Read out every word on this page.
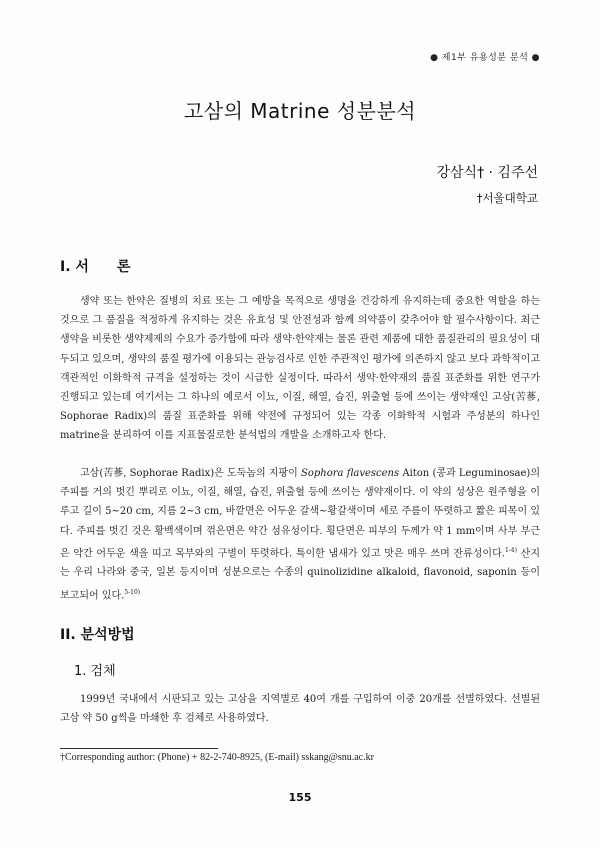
● 제1부 유용성분 분석 ●
고삼의 Matrine 성분분석
강삼식† · 김주선
†서울대학교
I. 서　　론

생약 또는 한약은 질병의 치료 또는 그 예방을 목적으로 생명을 건강하게 유지하는데 중요한 역할을 하는 것으로 그 품질을 적정하게 유지하는 것은 유효성 및 안전성과 함께 의약품이 갖추어야 할 필수사항이다. 최근 생약을 비롯한 생약제제의 수요가 증가함에 따라 생약·한약재는 물론 관련 제품에 대한 품질관리의 필요성이 대두되고 있으며, 생약의 품질 평가에 이용되는 관능검사로 인한 주관적인 평가에 의존하지 않고 보다 과학적이고 객관적인 이화학적 규격을 설정하는 것이 시급한 실정이다. 따라서 생약·한약재의 품질 표준화를 위한 연구가 진행되고 있는데 여기서는 그 하나의 예로서 이뇨, 이질, 해열, 습진, 위출혈 등에 쓰이는 생약재인 고삼(苦蔘, Sophorae Radix)의 품질 표준화를 위해 약전에 규정되어 있는 각종 이화학적 시험과 주성분의 하나인 matrine을 분리하여 이를 지표물질로한 분석법의 개발을 소개하고자 한다.

고삼(苦蔘, Sophorae Radix)은 도둑놈의 지팡이 Sophora flavescens Aiton (콩과 Leguminosae)의 주피를 거의 벗긴 뿌리로 이뇨, 이질, 해열, 습진, 위출혈 등에 쓰이는 생약재이다. 이 약의 성상은 원주형을 이루고 길이 5~20 cm, 지름 2~3 cm, 바깥면은 어두운 갈색~황갈색이며 세로 주름이 뚜렷하고 짧은 피목이 있다. 주피를 벗긴 것은 황백색이며 꺾은면은 약간 섬유성이다. 횡단면은 피부의 두께가 약 1 mm이며 사부 부근은 약간 어두운 색을 띠고 목부와의 구별이 뚜렷하다. 특이한 냄새가 있고 맛은 매우 쓰며 잔류성이다.$^{1-4)}$ 산지는 우리 나라와 중국, 일본 등지이며 성분으로는 수종의 quinolizidine alkaloid, flavonoid, saponin 등이 보고되어 있다.$^{5-10)}$

II. 분석방법
1. 검체

1999년 국내에서 시판되고 있는 고삼을 지역별로 40여 개를 구입하여 이중 20개를 선별하였다. 선별된 고삼 약 50 g씩을 마쇄한 후 검체로 사용하였다.

†Corresponding author: (Phone) + 82-2-740-8925, (E-mail) sskang@snu.ac.kr
155
